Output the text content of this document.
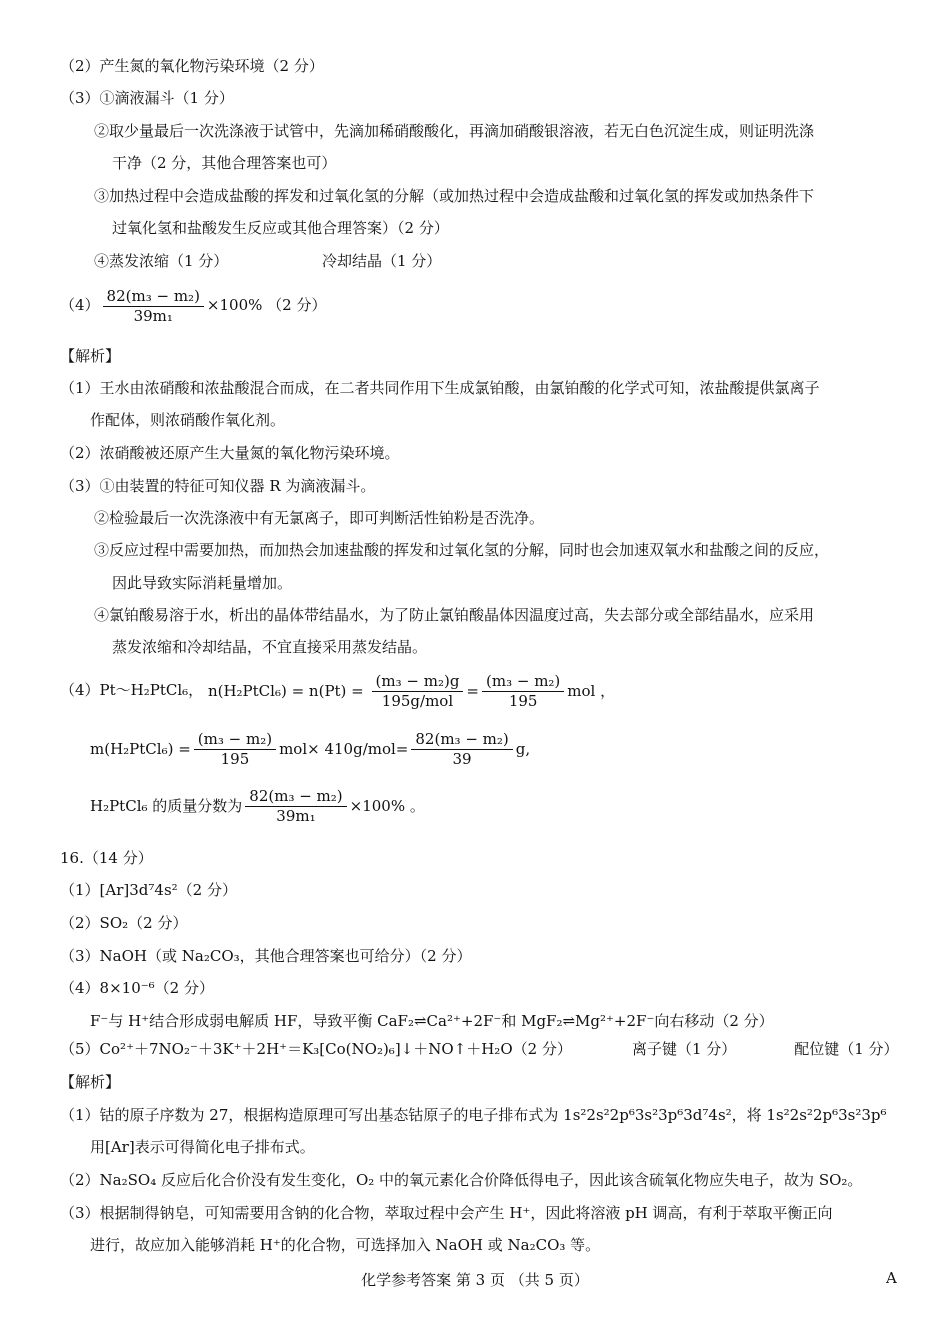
（2）产生氮的氧化物污染环境（2 分）
（3）①滴液漏斗（1 分）
②取少量最后一次洗涤液于试管中，先滴加稀硝酸酸化，再滴加硝酸银溶液，若无白色沉淀生成，则证明洗涤
干净（2 分，其他合理答案也可）
③加热过程中会造成盐酸的挥发和过氧化氢的分解（或加热过程中会造成盐酸和过氧化氢的挥发或加热条件下
过氧化氢和盐酸发生反应或其他合理答案）（2 分）
④蒸发浓缩（1 分）	冷却结晶（1 分）
$(4) \frac{\text{82(m₃ − m₂)}}{\text{39m₁}} \times 100\%$ （2 分）
【解析】
（1）王水由浓硝酸和浓盐酸混合而成，在二者共同作用下生成氯铂酸，由氯铂酸的化学式可知，浓盐酸提供氯离子
作配体，则浓硝酸作氧化剂。
（2）浓硝酸被还原产生大量氮的氧化物污染环境。
（3）①由装置的特征可知仪器 R 为滴液漏斗。
②检验最后一次洗涤液中有无氯离子，即可判断活性铂粉是否洗净。
③反应过程中需要加热，而加热会加速盐酸的挥发和过氧化氢的分解，同时也会加速双氧水和盐酸之间的反应，
因此导致实际消耗量增加。
④氯铂酸易溶于水，析出的晶体带结晶水，为了防止氯铂酸晶体因温度过高，失去部分或全部结晶水，应采用
蒸发浓缩和冷却结晶，不宜直接采用蒸发结晶。
（4）Pt～H₂PtCl₆， n(H₂PtCl₆) = $n(Pt) = \frac{\text{(m₃ − m₂)g}}{\text{195g/mol}} = \frac{\text{(m₃ − m₂)}}{195}$ mol ，
m(H₂PtCl₆) = $\frac{\text{(m₃ − m₂)}}{195} mol\times 410g/mol= \frac{\text{82(m₃ − m₂)}}{39} g$,
H₂PtCl₆ 的质量分数为 $\frac{\text{82(m₃ − m₂)}}{\text{39m₁}} \times 100\%$ 。
16.（14 分）
（1）[Ar]3d⁷4s²（2 分）
（2）SO₂（2 分）
（3）NaOH（或 Na₂CO₃，其他合理答案也可给分）（2 分）
（4）8×10⁻⁶（2 分）
F⁻与 H⁺结合形成弱电解质 HF，导致平衡 CaF₂⇌Ca²⁺+2F⁻和 MgF₂⇌Mg²⁺+2F⁻向右移动（2 分）
（5）Co²⁺＋7NO₂⁻＋3K⁺＋2H⁺＝K₃[Co(NO₂)₆]↓＋NO↑＋H₂O（2 分）	离子键（1 分）	配位键（1 分）
【解析】
（1）钴的原子序数为 27，根据构造原理可写出基态钴原子的电子排布式为 1s²2s²2p⁶3s²3p⁶3d⁷4s²，将 1s²2s²2p⁶3s²3p⁶
用[Ar]表示可得简化电子排布式。
（2）Na₂SO₄ 反应后化合价没有发生变化，O₂ 中的氧元素化合价降低得电子，因此该含硫氧化物应失电子，故为 SO₂。
（3）根据制得钠皂，可知需要用含钠的化合物，萃取过程中会产生 H⁺，因此将溶液 pH 调高，有利于萃取平衡正向
进行，故应加入能够消耗 H⁺的化合物，可选择加入 NaOH 或 Na₂CO₃ 等。
化学参考答案 第 3 页 （共 5 页）	A
